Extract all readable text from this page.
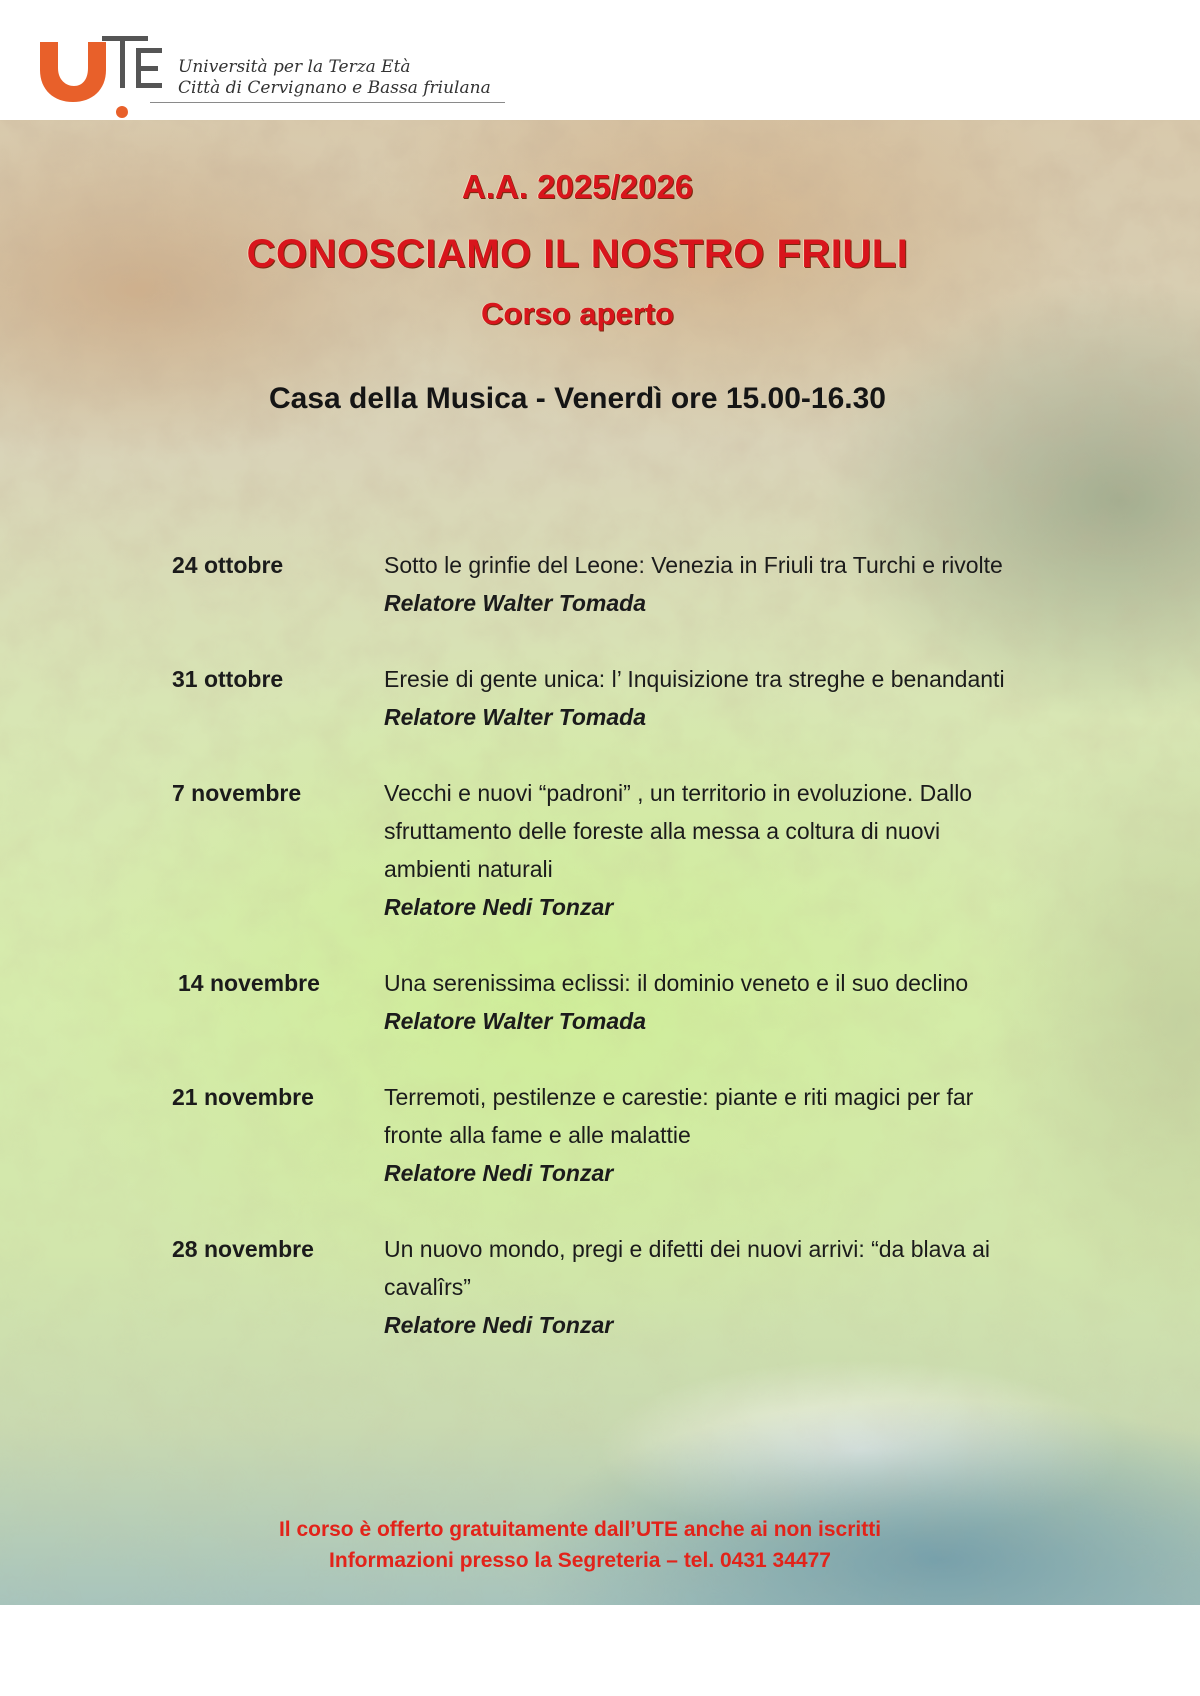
Università per la Terza Età
Città di Cervignano e Bassa friulana
A.A. 2025/2026
CONOSCIAMO IL NOSTRO FRIULI
Corso aperto
Casa della Musica - Venerdì ore 15.00-16.30
24 ottobre	Sotto le grinfie del Leone: Venezia in Friuli tra Turchi e rivolte
Relatore Walter Tomada
31 ottobre	Eresie di gente unica: l’ Inquisizione tra streghe e benandanti
Relatore Walter Tomada
7 novembre	Vecchi e nuovi “padroni” , un territorio in evoluzione. Dallo
sfruttamento delle foreste alla messa a coltura di nuovi
ambienti naturali
Relatore Nedi Tonzar
14 novembre	Una serenissima eclissi: il dominio veneto e il suo declino
Relatore Walter Tomada
21 novembre	Terremoti, pestilenze e carestie: piante e riti magici per far
fronte alla fame e alle malattie
Relatore Nedi Tonzar
28 novembre	Un nuovo mondo, pregi e difetti dei nuovi arrivi: “da blava ai
cavalîrs”
Relatore Nedi Tonzar
Il corso è offerto gratuitamente dall’UTE anche ai non iscritti
Informazioni presso la Segreteria – tel. 0431 34477
